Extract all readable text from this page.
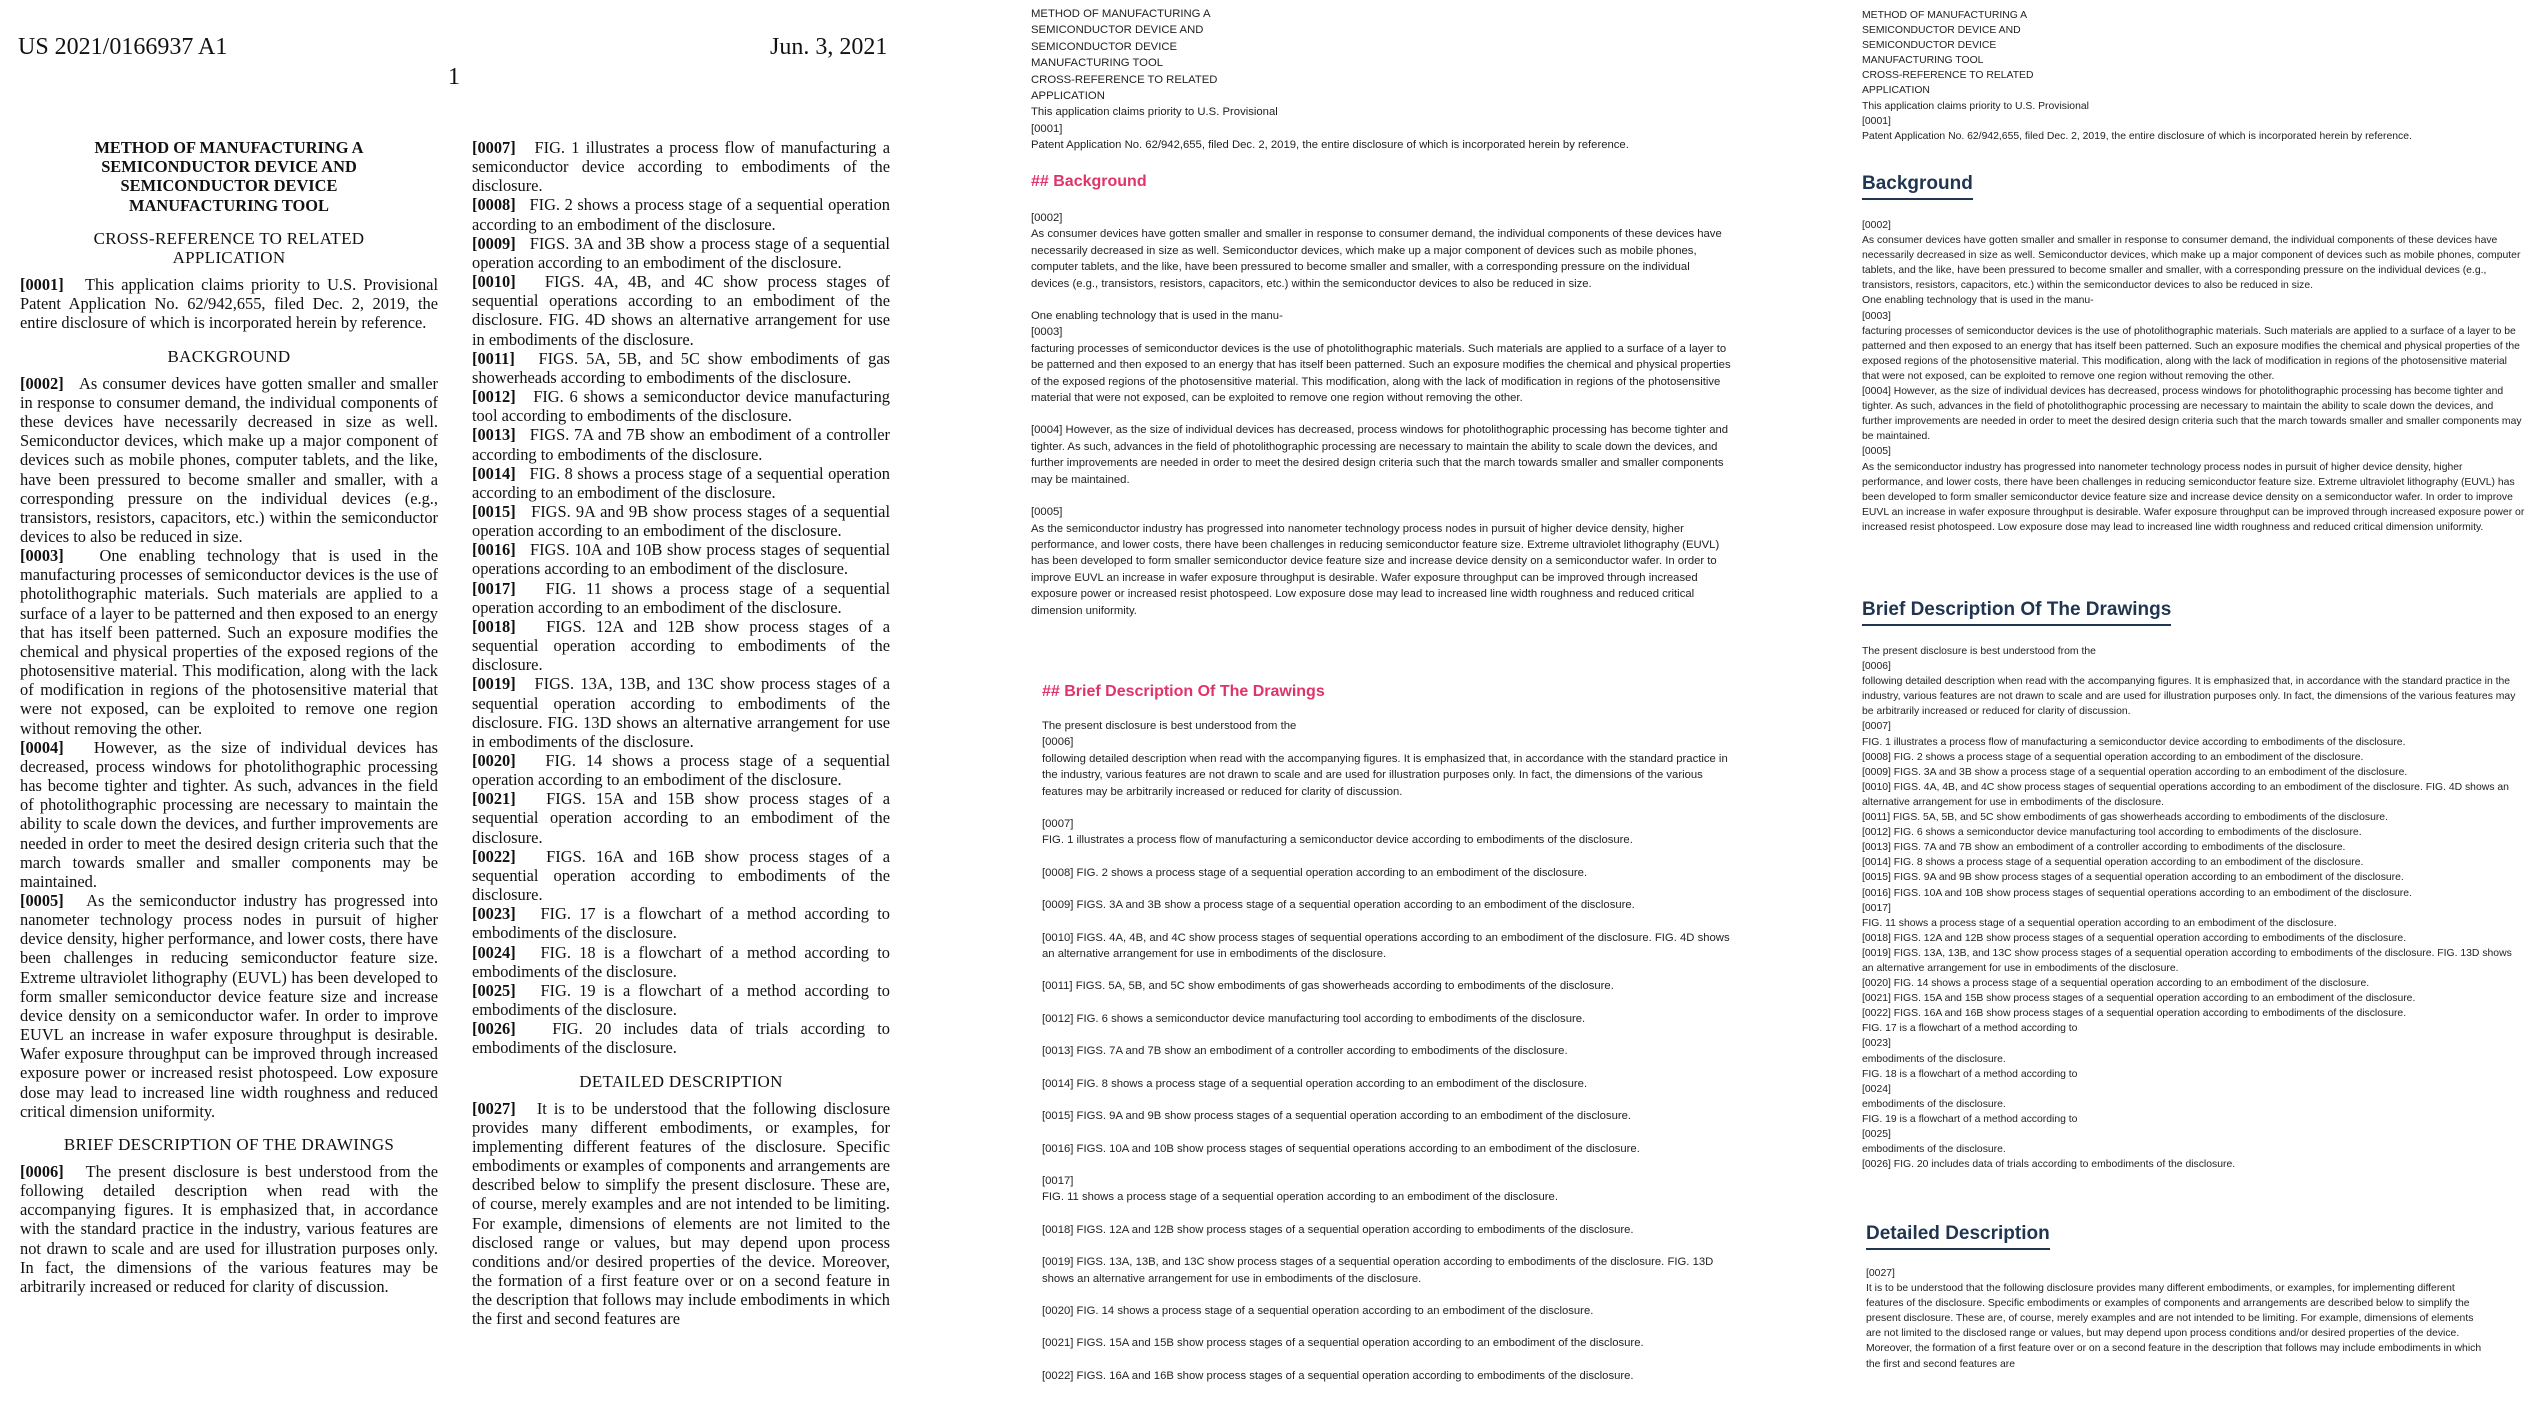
US 2021/0166937 A1	Jun. 3, 2021
1
METHOD OF MANUFACTURING A
SEMICONDUCTOR DEVICE AND
SEMICONDUCTOR DEVICE
MANUFACTURING TOOL
CROSS-REFERENCE TO RELATED APPLICATION

[0001] This application claims priority to U.S. Provisional Patent Application No. 62/942,655, filed Dec. 2, 2019, the entire disclosure of which is incorporated herein by reference.

BACKGROUND

[0002] As consumer devices have gotten smaller and smaller in response to consumer demand, the individual components of these devices have necessarily decreased in size as well. Semiconductor devices, which make up a major component of devices such as mobile phones, computer tablets, and the like, have been pressured to become smaller and smaller, with a corresponding pressure on the individual devices (e.g., transistors, resistors, capacitors, etc.) within the semiconductor devices to also be reduced in size.

[0003] One enabling technology that is used in the manufacturing processes of semiconductor devices is the use of photolithographic materials. Such materials are applied to a surface of a layer to be patterned and then exposed to an energy that has itself been patterned. Such an exposure modifies the chemical and physical properties of the exposed regions of the photosensitive material. This modification, along with the lack of modification in regions of the photosensitive material that were not exposed, can be exploited to remove one region without removing the other.

[0004] However, as the size of individual devices has decreased, process windows for photolithographic processing has become tighter and tighter. As such, advances in the field of photolithographic processing are necessary to maintain the ability to scale down the devices, and further improvements are needed in order to meet the desired design criteria such that the march towards smaller and smaller components may be maintained.

[0005] As the semiconductor industry has progressed into nanometer technology process nodes in pursuit of higher device density, higher performance, and lower costs, there have been challenges in reducing semiconductor feature size. Extreme ultraviolet lithography (EUVL) has been developed to form smaller semiconductor device feature size and increase device density on a semiconductor wafer. In order to improve EUVL an increase in wafer exposure throughput is desirable. Wafer exposure throughput can be improved through increased exposure power or increased resist photospeed. Low exposure dose may lead to increased line width roughness and reduced critical dimension uniformity.

BRIEF DESCRIPTION OF THE DRAWINGS

[0006] The present disclosure is best understood from the following detailed description when read with the accompanying figures. It is emphasized that, in accordance with the standard practice in the industry, various features are not drawn to scale and are used for illustration purposes only. In fact, the dimensions of the various features may be arbitrarily increased or reduced for clarity of discussion.

[0007] FIG. 1 illustrates a process flow of manufacturing a semiconductor device according to embodiments of the disclosure.

[0008] FIG. 2 shows a process stage of a sequential operation according to an embodiment of the disclosure.

[0009] FIGS. 3A and 3B show a process stage of a sequential operation according to an embodiment of the disclosure.

[0010] FIGS. 4A, 4B, and 4C show process stages of sequential operations according to an embodiment of the disclosure. FIG. 4D shows an alternative arrangement for use in embodiments of the disclosure.

[0011] FIGS. 5A, 5B, and 5C show embodiments of gas showerheads according to embodiments of the disclosure.

[0012] FIG. 6 shows a semiconductor device manufacturing tool according to embodiments of the disclosure.

[0013] FIGS. 7A and 7B show an embodiment of a controller according to embodiments of the disclosure.

[0014] FIG. 8 shows a process stage of a sequential operation according to an embodiment of the disclosure.

[0015] FIGS. 9A and 9B show process stages of a sequential operation according to an embodiment of the disclosure.

[0016] FIGS. 10A and 10B show process stages of sequential operations according to an embodiment of the disclosure.

[0017] FIG. 11 shows a process stage of a sequential operation according to an embodiment of the disclosure.

[0018] FIGS. 12A and 12B show process stages of a sequential operation according to embodiments of the disclosure.

[0019] FIGS. 13A, 13B, and 13C show process stages of a sequential operation according to embodiments of the disclosure. FIG. 13D shows an alternative arrangement for use in embodiments of the disclosure.

[0020] FIG. 14 shows a process stage of a sequential operation according to an embodiment of the disclosure.

[0021] FIGS. 15A and 15B show process stages of a sequential operation according to an embodiment of the disclosure.

[0022] FIGS. 16A and 16B show process stages of a sequential operation according to embodiments of the disclosure.

[0023] FIG. 17 is a flowchart of a method according to embodiments of the disclosure.

[0024] FIG. 18 is a flowchart of a method according to embodiments of the disclosure.

[0025] FIG. 19 is a flowchart of a method according to embodiments of the disclosure.

[0026] FIG. 20 includes data of trials according to embodiments of the disclosure.

DETAILED DESCRIPTION

[0027] It is to be understood that the following disclosure provides many different embodiments, or examples, for implementing different features of the disclosure. Specific embodiments or examples of components and arrangements are described below to simplify the present disclosure. These are, of course, merely examples and are not intended to be limiting. For example, dimensions of elements are not limited to the disclosed range or values, but may depend upon process conditions and/or desired properties of the device. Moreover, the formation of a first feature over or on a second feature in the description that follows may include embodiments in which the first and second features are

METHOD OF MANUFACTURING A
SEMICONDUCTOR DEVICE AND
SEMICONDUCTOR DEVICE
MANUFACTURING TOOL
CROSS-REFERENCE TO RELATED
APPLICATION
This application claims priority to U.S. Provisional
[0001]
Patent Application No. 62/942,655, filed Dec. 2, 2019, the entire disclosure of which is incorporated herein by reference.
## Background
[0002]
As consumer devices have gotten smaller and smaller in response to consumer demand, the individual components of these devices have necessarily decreased in size as well. Semiconductor devices, which make up a major component of devices such as mobile phones, computer tablets, and the like, have been pressured to become smaller and smaller, with a corresponding pressure on the individual devices (e.g., transistors, resistors, capacitors, etc.) within the semiconductor devices to also be reduced in size.
One enabling technology that is used in the manu-
[0003]
facturing processes of semiconductor devices is the use of photolithographic materials. Such materials are applied to a surface of a layer to be patterned and then exposed to an energy that has itself been patterned. Such an exposure modifies the chemical and physical properties of the exposed regions of the photosensitive material. This modification, along with the lack of modification in regions of the photosensitive material that were not exposed, can be exploited to remove one region without removing the other.
[0004] However, as the size of individual devices has decreased, process windows for photolithographic processing has become tighter and tighter. As such, advances in the field of photolithographic processing are necessary to maintain the ability to scale down the devices, and further improvements are needed in order to meet the desired design criteria such that the march towards smaller and smaller components may be maintained.
[0005]
As the semiconductor industry has progressed into nanometer technology process nodes in pursuit of higher device density, higher performance, and lower costs, there have been challenges in reducing semiconductor feature size. Extreme ultraviolet lithography (EUVL) has been developed to form smaller semiconductor device feature size and increase device density on a semiconductor wafer. In order to improve EUVL an increase in wafer exposure throughput is desirable. Wafer exposure throughput can be improved through increased exposure power or increased resist photospeed. Low exposure dose may lead to increased line width roughness and reduced critical dimension uniformity.
## Brief Description Of The Drawings
The present disclosure is best understood from the
[0006]
following detailed description when read with the accompanying figures. It is emphasized that, in accordance with the standard practice in the industry, various features are not drawn to scale and are used for illustration purposes only. In fact, the dimensions of the various features may be arbitrarily increased or reduced for clarity of discussion.
[0007]
FIG. 1 illustrates a process flow of manufacturing a semiconductor device according to embodiments of the disclosure.
[0008] FIG. 2 shows a process stage of a sequential operation according to an embodiment of the disclosure.
[0009] FIGS. 3A and 3B show a process stage of a sequential operation according to an embodiment of the disclosure.
[0010] FIGS. 4A, 4B, and 4C show process stages of sequential operations according to an embodiment of the disclosure. FIG. 4D shows an alternative arrangement for use in embodiments of the disclosure.
[0011] FIGS. 5A, 5B, and 5C show embodiments of gas showerheads according to embodiments of the disclosure.
[0012] FIG. 6 shows a semiconductor device manufacturing tool according to embodiments of the disclosure.
[0013] FIGS. 7A and 7B show an embodiment of a controller according to embodiments of the disclosure.
[0014] FIG. 8 shows a process stage of a sequential operation according to an embodiment of the disclosure.
[0015] FIGS. 9A and 9B show process stages of a sequential operation according to an embodiment of the disclosure.
[0016] FIGS. 10A and 10B show process stages of sequential operations according to an embodiment of the disclosure.
[0017]
FIG. 11 shows a process stage of a sequential operation according to an embodiment of the disclosure.
[0018] FIGS. 12A and 12B show process stages of a sequential operation according to embodiments of the disclosure.
[0019] FIGS. 13A, 13B, and 13C show process stages of a sequential operation according to embodiments of the disclosure. FIG. 13D shows an alternative arrangement for use in embodiments of the disclosure.
[0020] FIG. 14 shows a process stage of a sequential operation according to an embodiment of the disclosure.
[0021] FIGS. 15A and 15B show process stages of a sequential operation according to an embodiment of the disclosure.
[0022] FIGS. 16A and 16B show process stages of a sequential operation according to embodiments of the disclosure.
METHOD OF MANUFACTURING A
SEMICONDUCTOR DEVICE AND
SEMICONDUCTOR DEVICE
MANUFACTURING TOOL
CROSS-REFERENCE TO RELATED
APPLICATION
This application claims priority to U.S. Provisional
[0001]
Patent Application No. 62/942,655, filed Dec. 2, 2019, the entire disclosure of which is incorporated herein by reference.
Background
[0002]
As consumer devices have gotten smaller and smaller in response to consumer demand, the individual components of these devices have necessarily decreased in size as well. Semiconductor devices, which make up a major component of devices such as mobile phones, computer tablets, and the like, have been pressured to become smaller and smaller, with a corresponding pressure on the individual devices (e.g., transistors, resistors, capacitors, etc.) within the semiconductor devices to also be reduced in size.
One enabling technology that is used in the manu-
[0003]
facturing processes of semiconductor devices is the use of photolithographic materials. Such materials are applied to a surface of a layer to be patterned and then exposed to an energy that has itself been patterned. Such an exposure modifies the chemical and physical properties of the exposed regions of the photosensitive material. This modification, along with the lack of modification in regions of the photosensitive material that were not exposed, can be exploited to remove one region without removing the other.
[0004] However, as the size of individual devices has decreased, process windows for photolithographic processing has become tighter and tighter. As such, advances in the field of photolithographic processing are necessary to maintain the ability to scale down the devices, and further improvements are needed in order to meet the desired design criteria such that the march towards smaller and smaller components may be maintained.
[0005]
As the semiconductor industry has progressed into nanometer technology process nodes in pursuit of higher device density, higher performance, and lower costs, there have been challenges in reducing semiconductor feature size. Extreme ultraviolet lithography (EUVL) has been developed to form smaller semiconductor device feature size and increase device density on a semiconductor wafer. In order to improve EUVL an increase in wafer exposure throughput is desirable. Wafer exposure throughput can be improved through increased exposure power or increased resist photospeed. Low exposure dose may lead to increased line width roughness and reduced critical dimension uniformity.
Brief Description Of The Drawings
The present disclosure is best understood from the
[0006]
following detailed description when read with the accompanying figures. It is emphasized that, in accordance with the standard practice in the industry, various features are not drawn to scale and are used for illustration purposes only. In fact, the dimensions of the various features may be arbitrarily increased or reduced for clarity of discussion.
[0007]
FIG. 1 illustrates a process flow of manufacturing a semiconductor device according to embodiments of the disclosure.
[0008] FIG. 2 shows a process stage of a sequential operation according to an embodiment of the disclosure.
[0009] FIGS. 3A and 3B show a process stage of a sequential operation according to an embodiment of the disclosure.
[0010] FIGS. 4A, 4B, and 4C show process stages of sequential operations according to an embodiment of the disclosure. FIG. 4D shows an alternative arrangement for use in embodiments of the disclosure.
[0011] FIGS. 5A, 5B, and 5C show embodiments of gas showerheads according to embodiments of the disclosure.
[0012] FIG. 6 shows a semiconductor device manufacturing tool according to embodiments of the disclosure.
[0013] FIGS. 7A and 7B show an embodiment of a controller according to embodiments of the disclosure.
[0014] FIG. 8 shows a process stage of a sequential operation according to an embodiment of the disclosure.
[0015] FIGS. 9A and 9B show process stages of a sequential operation according to an embodiment of the disclosure.
[0016] FIGS. 10A and 10B show process stages of sequential operations according to an embodiment of the disclosure.
[0017]
FIG. 11 shows a process stage of a sequential operation according to an embodiment of the disclosure.
[0018] FIGS. 12A and 12B show process stages of a sequential operation according to embodiments of the disclosure.
[0019] FIGS. 13A, 13B, and 13C show process stages of a sequential operation according to embodiments of the disclosure. FIG. 13D shows an alternative arrangement for use in embodiments of the disclosure.
[0020] FIG. 14 shows a process stage of a sequential operation according to an embodiment of the disclosure.
[0021] FIGS. 15A and 15B show process stages of a sequential operation according to an embodiment of the disclosure.
[0022] FIGS. 16A and 16B show process stages of a sequential operation according to embodiments of the disclosure.
FIG. 17 is a flowchart of a method according to
[0023]
embodiments of the disclosure.
FIG. 18 is a flowchart of a method according to
[0024]
embodiments of the disclosure.
FIG. 19 is a flowchart of a method according to
[0025]
embodiments of the disclosure.
[0026] FIG. 20 includes data of trials according to embodiments of the disclosure.
Detailed Description
[0027]
It is to be understood that the following disclosure provides many different embodiments, or examples, for implementing different features of the disclosure. Specific embodiments or examples of components and arrangements are described below to simplify the present disclosure. These are, of course, merely examples and are not intended to be limiting. For example, dimensions of elements are not limited to the disclosed range or values, but may depend upon process conditions and/or desired properties of the device. Moreover, the formation of a first feature over or on a second feature in the description that follows may include embodiments in which the first and second features are
